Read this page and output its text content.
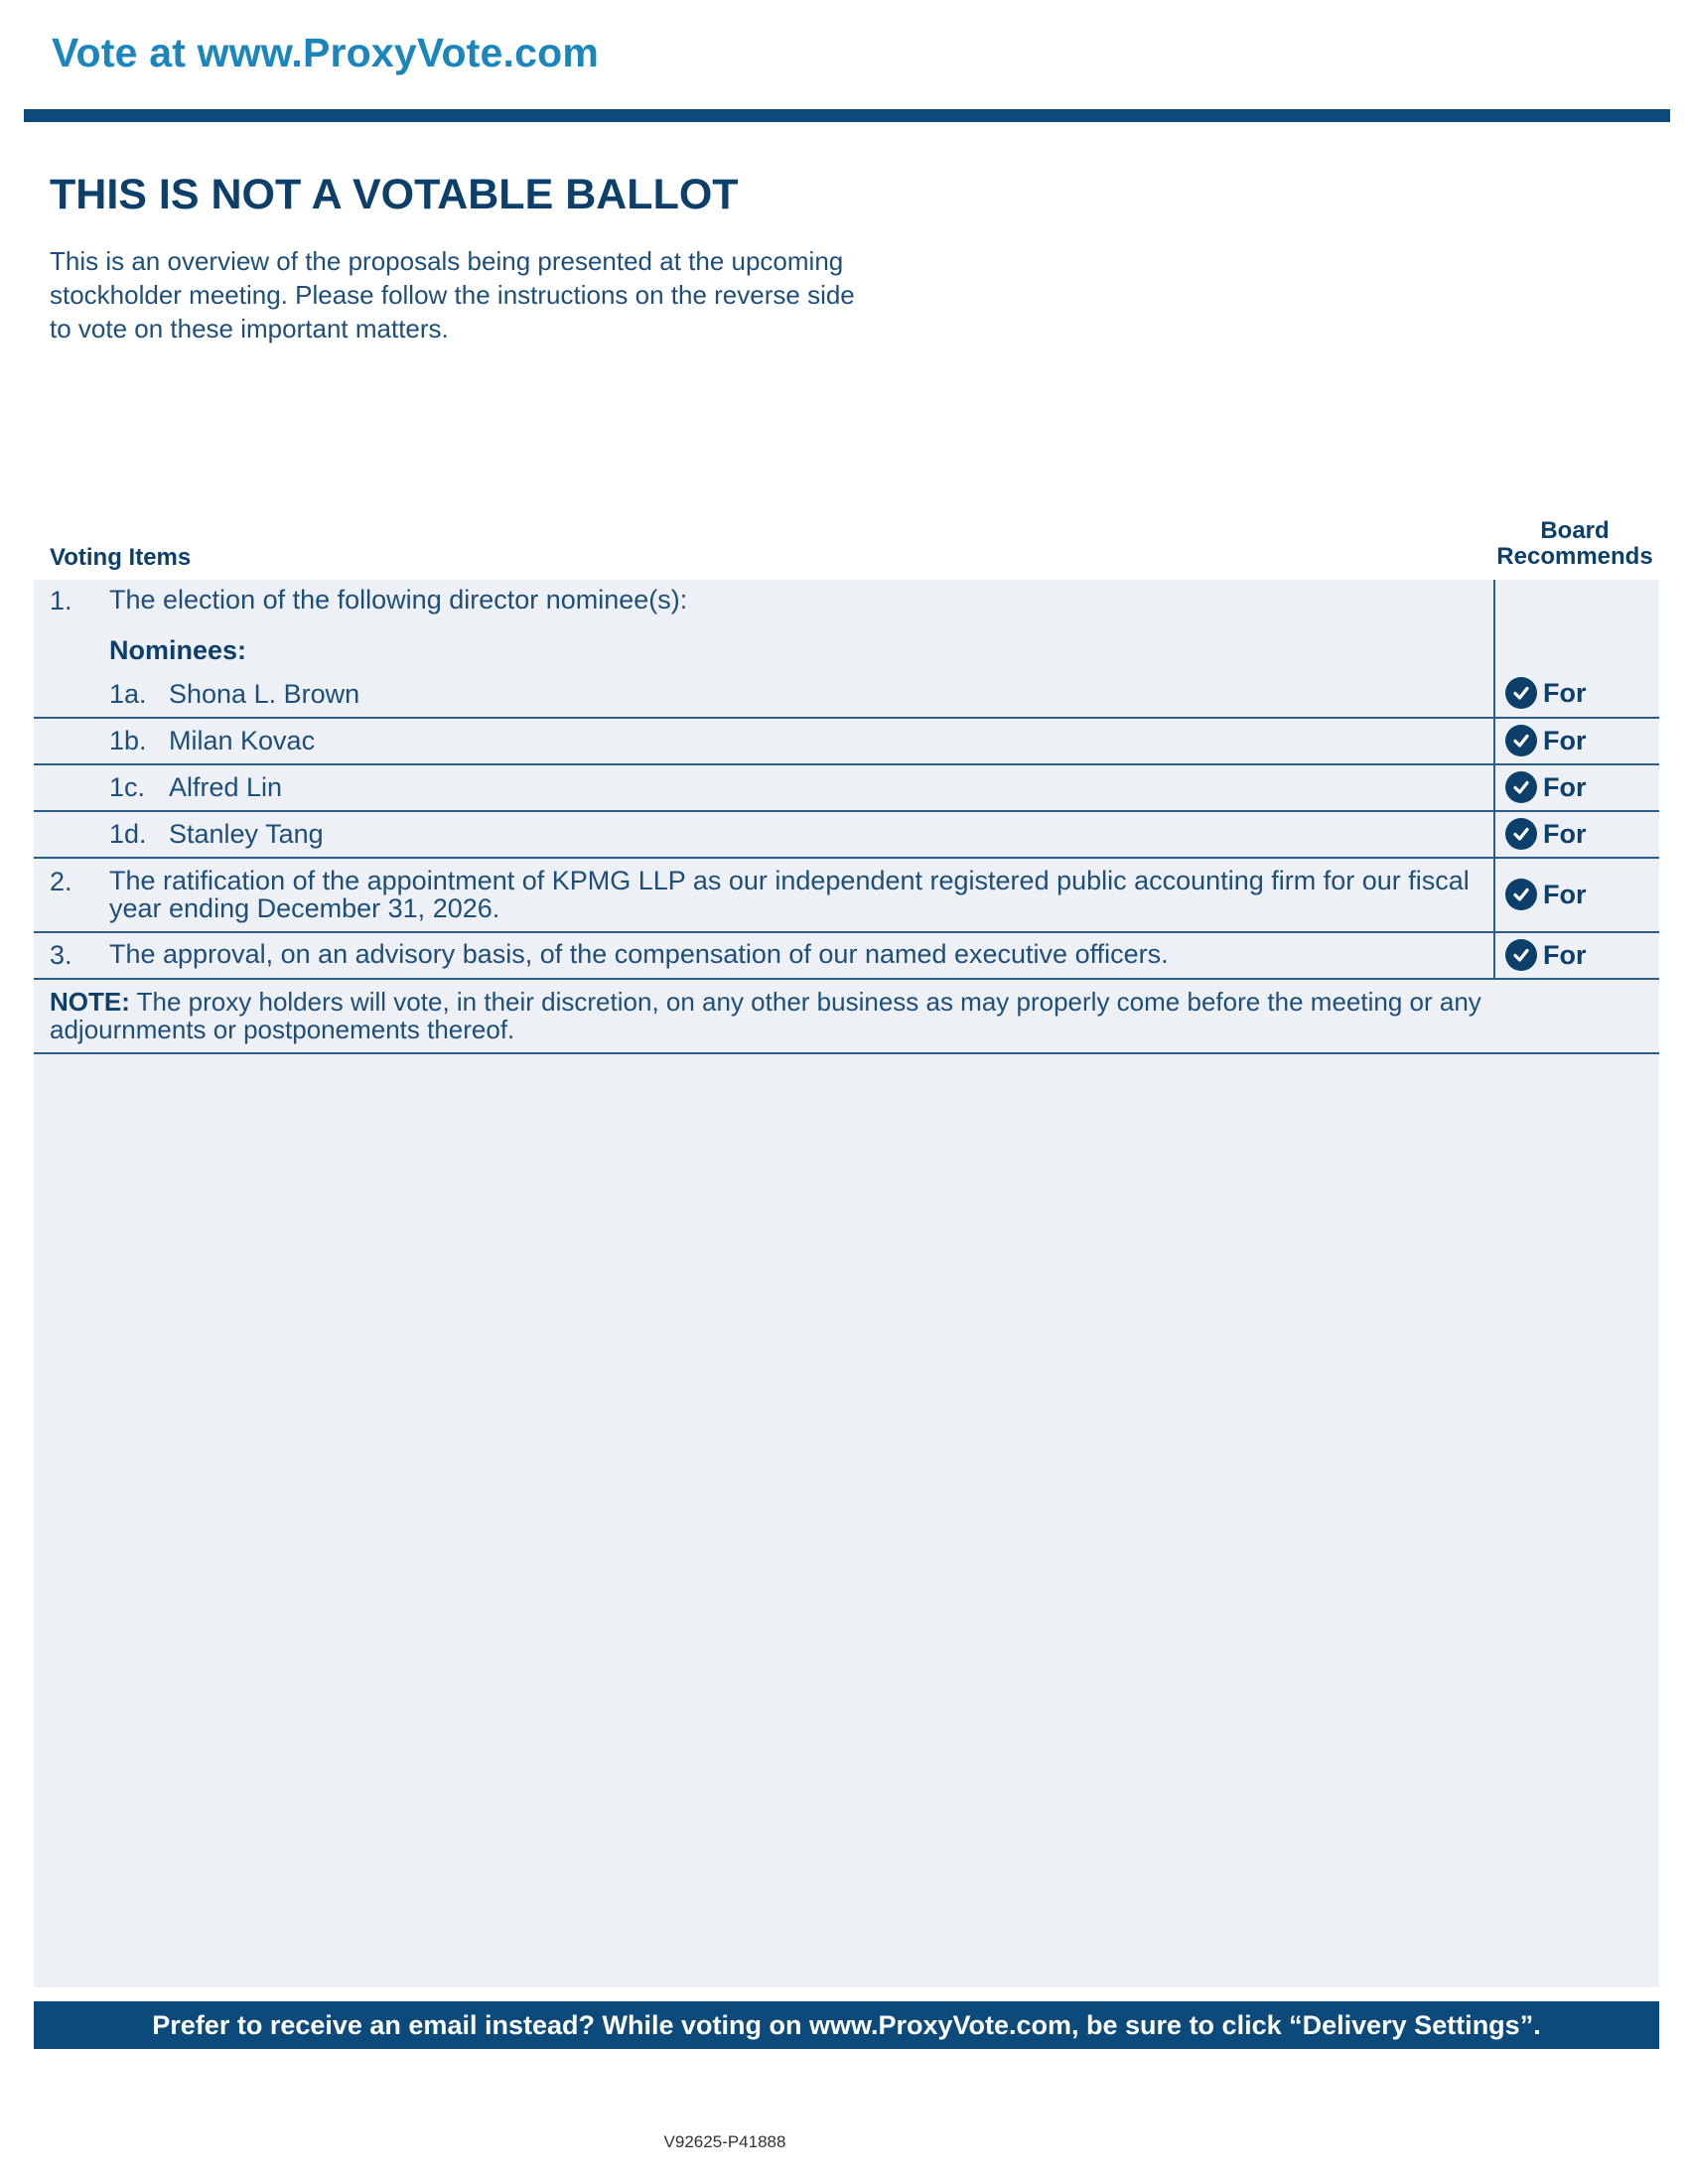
Vote at www.ProxyVote.com
THIS IS NOT A VOTABLE BALLOT
This is an overview of the proposals being presented at the upcoming stockholder meeting. Please follow the instructions on the reverse side to vote on these important matters.
Voting Items
Board Recommends
1. The election of the following director nominee(s):
Nominees:
1a. Shona L. Brown	For
1b. Milan Kovac	For
1c. Alfred Lin	For
1d. Stanley Tang	For
2. The ratification of the appointment of KPMG LLP as our independent registered public accounting firm for our fiscal year ending December 31, 2026.	For
3. The approval, on an advisory basis, of the compensation of our named executive officers.	For
NOTE: The proxy holders will vote, in their discretion, on any other business as may properly come before the meeting or any adjournments or postponements thereof.
Prefer to receive an email instead? While voting on www.ProxyVote.com, be sure to click “Delivery Settings”.
V92625-P41888
